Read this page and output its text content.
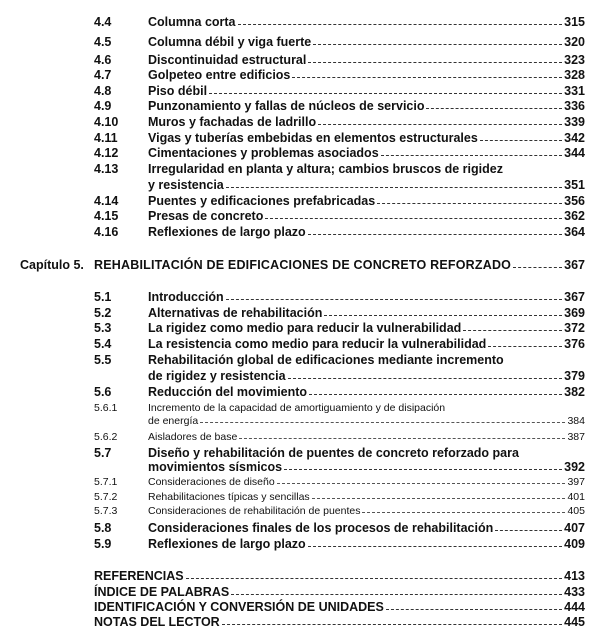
4.4	Columna corta	315
4.5	Columna débil y viga fuerte	320
4.6	Discontinuidad estructural	323
4.7	Golpeteo entre edificios	328
4.8	Piso débil	331
4.9	Punzonamiento y fallas de núcleos de servicio	336
4.10 Muros y fachadas de ladrillo	339
4.11 Vigas y tuberías embebidas en elementos estructurales	342
4.12 Cimentaciones y problemas asociados	344
4.13 Irregularidad en planta y altura; cambios bruscos de rigidez
y resistencia	351
4.14 Puentes y edificaciones prefabricadas	356
4.15 Presas de concreto	362
4.16 Reflexiones de largo plazo	364
Capítulo 5. REHABILITACIÓN DE EDIFICACIONES DE CONCRETO REFORZADO	367
5.1	Introducción	367
5.2	Alternativas de rehabilitación	369
5.3	La rigidez como medio para reducir la vulnerabilidad	372
5.4	La resistencia como medio para reducir la vulnerabilidad	376
5.5	Rehabilitación global de edificaciones mediante incremento
de rigidez y resistencia	379
5.6	Reducción del movimiento	382
5.6.1	Incremento de la capacidad de amortiguamiento y de disipación
de energía	384
5.6.2	Aisladores de base	387
5.7	Diseño y rehabilitación de puentes de concreto reforzado para
movimientos sísmicos	392
5.7.1	Consideraciones de diseño	397
5.7.2	Rehabilitaciones típicas y sencillas	401
5.7.3	Consideraciones de rehabilitación de puentes	405
5.8	Consideraciones finales de los procesos de rehabilitación	407
5.9	Reflexiones de largo plazo	409
REFERENCIAS	413
ÍNDICE DE PALABRAS	433
IDENTIFICACIÓN Y CONVERSIÓN DE UNIDADES	444
NOTAS DEL LECTOR	445
